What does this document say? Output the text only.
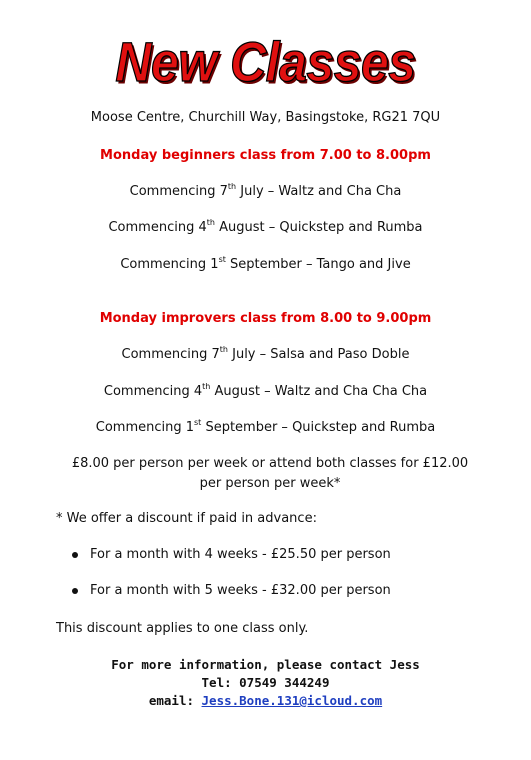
New Classes
Moose Centre, Churchill Way, Basingstoke, RG21 7QU
Monday beginners class from 7.00 to 8.00pm
Commencing 7th July – Waltz and Cha Cha
Commencing 4th August – Quickstep and Rumba
Commencing 1st September – Tango and Jive
Monday improvers class from 8.00 to 9.00pm
Commencing 7th July – Salsa and Paso Doble
Commencing 4th August – Waltz and Cha Cha Cha
Commencing 1st September – Quickstep and Rumba
£8.00 per person per week or attend both classes for £12.00 per person per week*
* We offer a discount if paid in advance:
For a month with 4 weeks - £25.50 per person
For a month with 5 weeks - £32.00 per person
This discount applies to one class only.
For more information, please contact Jess
Tel: 07549 344249
email: Jess.Bone.131@icloud.com
